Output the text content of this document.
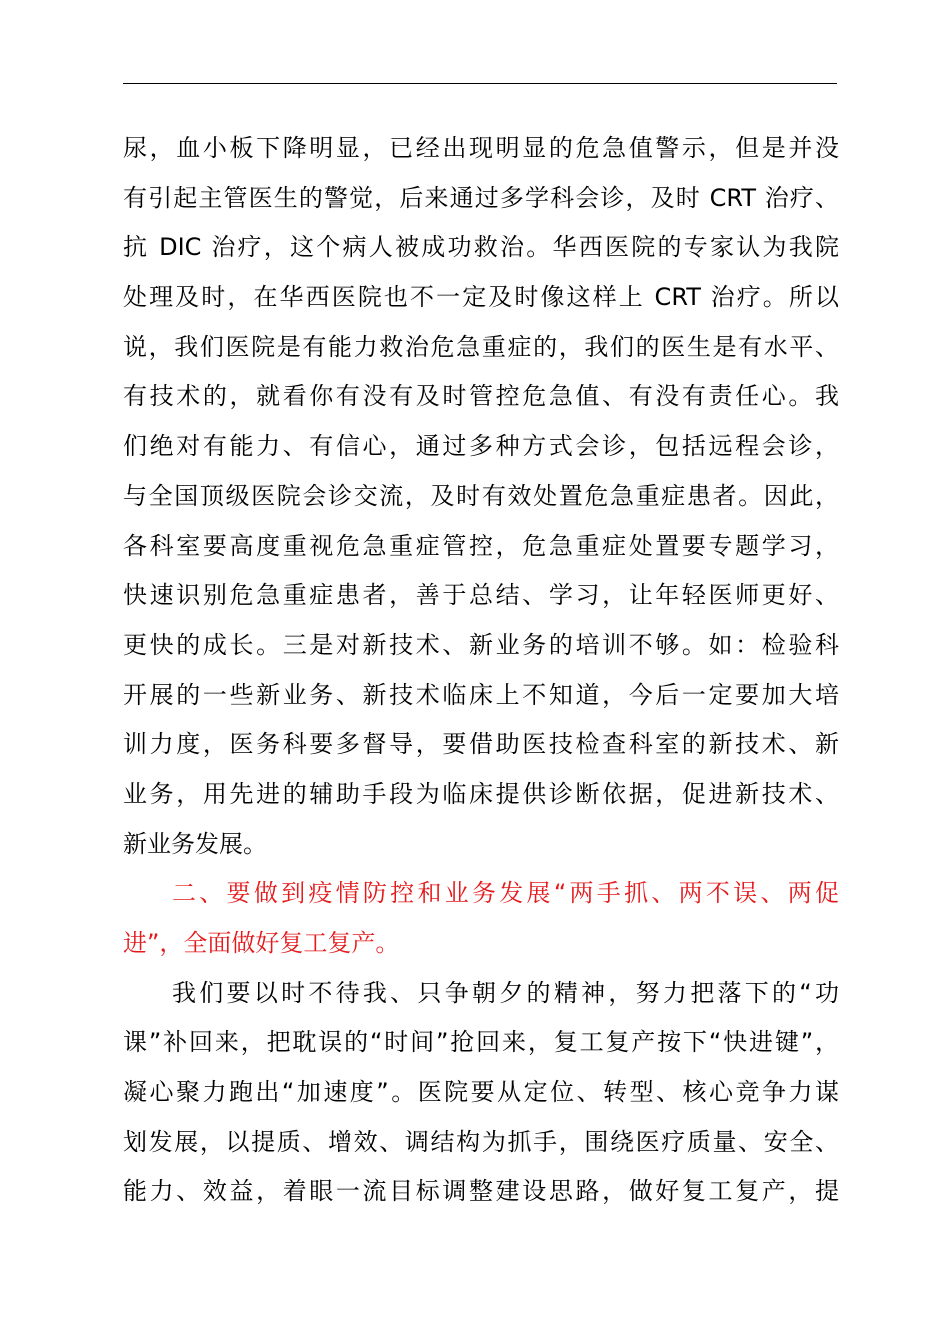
尿，血小板下降明显，已经出现明显的危急值警示，但是并没
有引起主管医生的警觉，后来通过多学科会诊，及时 CRT 治疗、
抗 DIC 治疗，这个病人被成功救治。华西医院的专家认为我院
处理及时，在华西医院也不一定及时像这样上 CRT 治疗。所以
说，我们医院是有能力救治危急重症的，我们的医生是有水平、
有技术的，就看你有没有及时管控危急值、有没有责任心。我
们绝对有能力、有信心，通过多种方式会诊，包括远程会诊，
与全国顶级医院会诊交流，及时有效处置危急重症患者。因此，
各科室要高度重视危急重症管控，危急重症处置要专题学习，
快速识别危急重症患者，善于总结、学习，让年轻医师更好、
更快的成长。三是对新技术、新业务的培训不够。如：检验科
开展的一些新业务、新技术临床上不知道，今后一定要加大培
训力度，医务科要多督导，要借助医技检查科室的新技术、新
业务，用先进的辅助手段为临床提供诊断依据，促进新技术、
新业务发展。
二、要做到疫情防控和业务发展“两手抓、两不误、两促
进”，全面做好复工复产。
我们要以时不待我、只争朝夕的精神，努力把落下的“功
课”补回来，把耽误的“时间”抢回来，复工复产按下“快进键”，
凝心聚力跑出“加速度”。医院要从定位、转型、核心竞争力谋
划发展，以提质、增效、调结构为抓手，围绕医疗质量、安全、
能力、效益，着眼一流目标调整建设思路，做好复工复产，提
